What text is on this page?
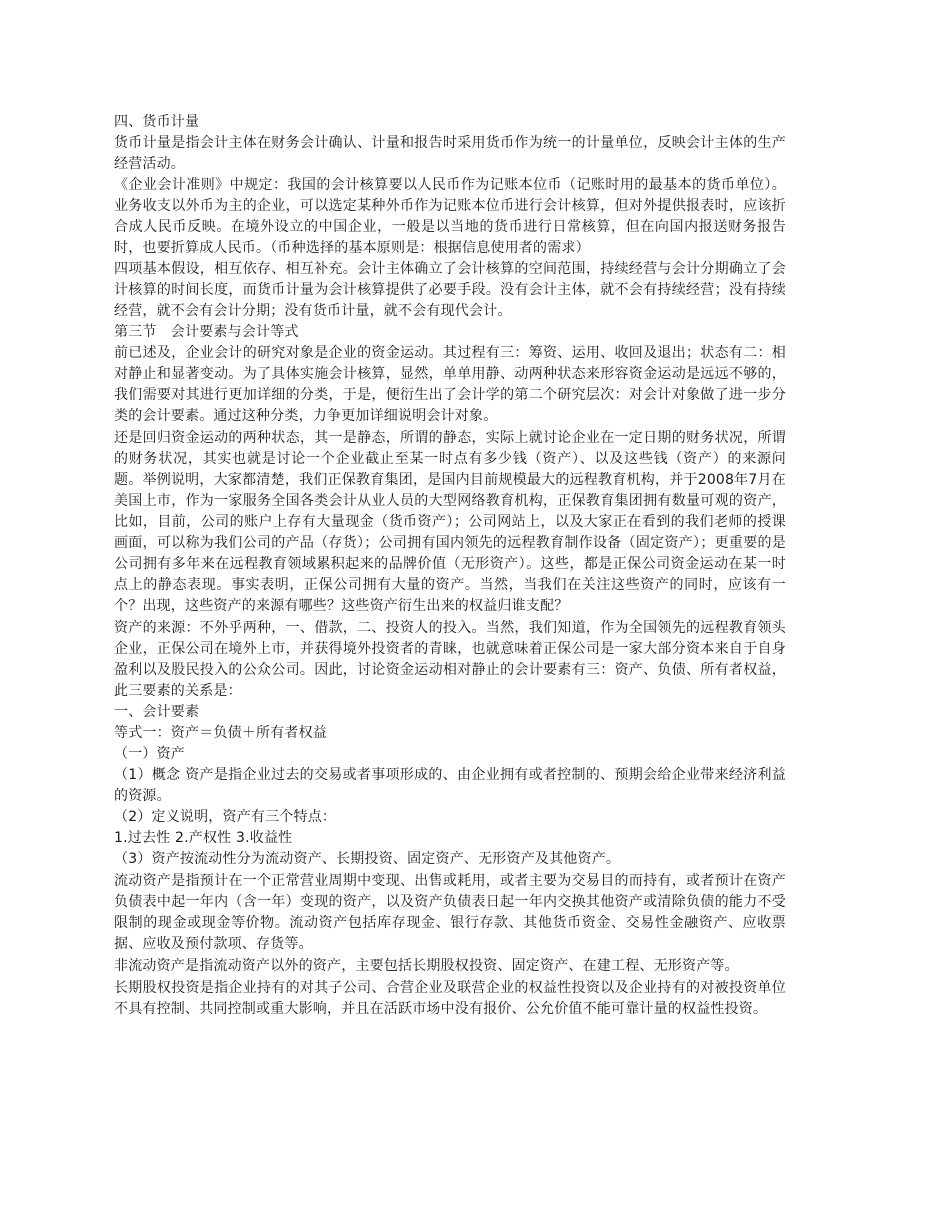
四、货币计量

货币计量是指会计主体在财务会计确认、计量和报告时采用货币作为统一的计量单位，反映会计主体的生产经营活动。

《企业会计准则》中规定：我国的会计核算要以人民币作为记账本位币（记账时用的最基本的货币单位）。业务收支以外币为主的企业，可以选定某种外币作为记账本位币进行会计核算，但对外提供报表时，应该折合成人民币反映。在境外设立的中国企业，一般是以当地的货币进行日常核算，但在向国内报送财务报告时，也要折算成人民币。（币种选择的基本原则是：根据信息使用者的需求）

四项基本假设，相互依存、相互补充。会计主体确立了会计核算的空间范围，持续经营与会计分期确立了会计核算的时间长度，而货币计量为会计核算提供了必要手段。没有会计主体，就不会有持续经营；没有持续经营，就不会有会计分期；没有货币计量，就不会有现代会计。

第三节　会计要素与会计等式

前已述及，企业会计的研究对象是企业的资金运动。其过程有三：筹资、运用、收回及退出；状态有二：相对静止和显著变动。为了具体实施会计核算，显然，单单用静、动两种状态来形容资金运动是远远不够的，我们需要对其进行更加详细的分类，于是，便衍生出了会计学的第二个研究层次：对会计对象做了进一步分类的会计要素。通过这种分类，力争更加详细说明会计对象。

还是回归资金运动的两种状态，其一是静态，所谓的静态，实际上就讨论企业在一定日期的财务状况，所谓的财务状况，其实也就是讨论一个企业截止至某一时点有多少钱（资产）、以及这些钱（资产）的来源问题。举例说明，大家都清楚，我们正保教育集团，是国内目前规模最大的远程教育机构，并于2008年7月在美国上市，作为一家服务全国各类会计从业人员的大型网络教育机构，正保教育集团拥有数量可观的资产，比如，目前，公司的账户上存有大量现金（货币资产）；公司网站上，以及大家正在看到的我们老师的授课画面，可以称为我们公司的产品（存货）；公司拥有国内领先的远程教育制作设备（固定资产）；更重要的是公司拥有多年来在远程教育领域累积起来的品牌价值（无形资产）。这些，都是正保公司资金运动在某一时点上的静态表现。事实表明，正保公司拥有大量的资产。当然，当我们在关注这些资产的同时，应该有一个？出现，这些资产的来源有哪些？这些资产衍生出来的权益归谁支配？

资产的来源：不外乎两种，一、借款，二、投资人的投入。当然，我们知道，作为全国领先的远程教育领头企业，正保公司在境外上市，并获得境外投资者的青睐，也就意味着正保公司是一家大部分资本来自于自身盈利以及股民投入的公众公司。因此，讨论资金运动相对静止的会计要素有三：资产、负债、所有者权益，此三要素的关系是：

一、会计要素

等式一：资产＝负债＋所有者权益

（一）资产

（1）概念 资产是指企业过去的交易或者事项形成的、由企业拥有或者控制的、预期会给企业带来经济利益的资源。

（2）定义说明，资产有三个特点：

1.过去性 2.产权性 3.收益性

（3）资产按流动性分为流动资产、长期投资、固定资产、无形资产及其他资产。

流动资产是指预计在一个正常营业周期中变现、出售或耗用，或者主要为交易目的而持有，或者预计在资产负债表中起一年内（含一年）变现的资产，以及资产负债表日起一年内交换其他资产或清除负债的能力不受限制的现金或现金等价物。流动资产包括库存现金、银行存款、其他货币资金、交易性金融资产、应收票据、应收及预付款项、存货等。

非流动资产是指流动资产以外的资产，主要包括长期股权投资、固定资产、在建工程、无形资产等。

长期股权投资是指企业持有的对其子公司、合营企业及联营企业的权益性投资以及企业持有的对被投资单位不具有控制、共同控制或重大影响，并且在活跃市场中没有报价、公允价值不能可靠计量的权益性投资。
